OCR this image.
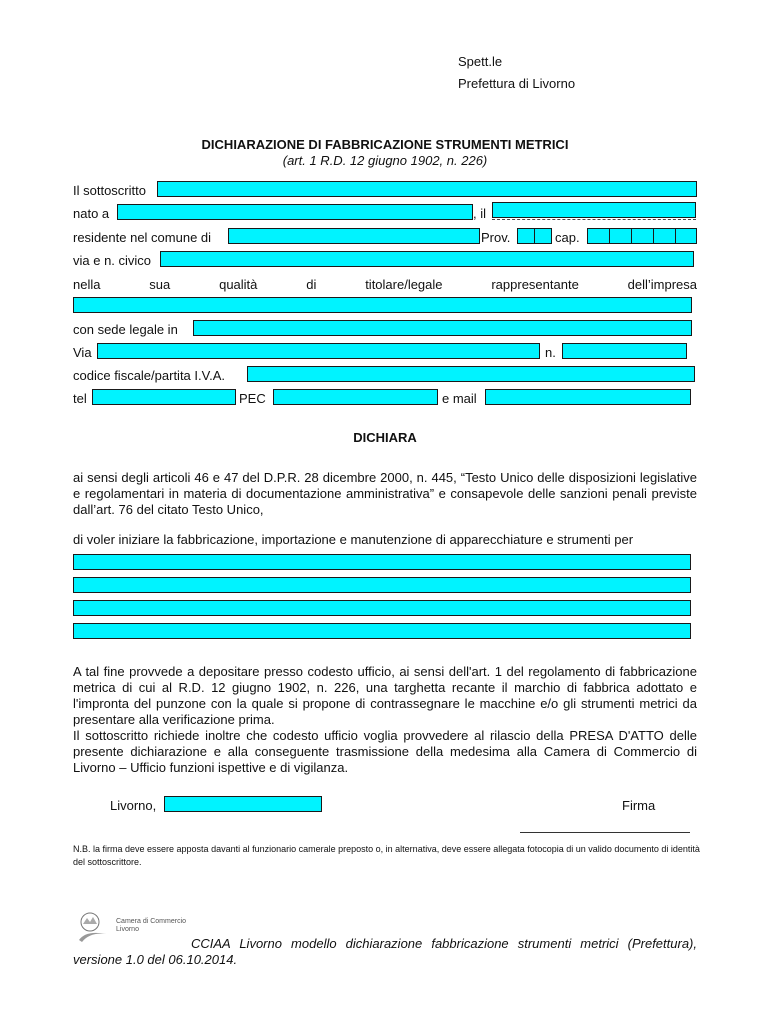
Spett.le
Prefettura di Livorno
DICHIARAZIONE DI FABBRICAZIONE STRUMENTI METRICI
(art. 1 R.D. 12 giugno 1902, n. 226)
Il sottoscritto
nato a	, il
residente nel comune di	Prov.	cap.
via e n. civico
nella	sua	qualità	di	titolare/legale	rappresentante	dell’impresa
con sede legale in
Via	n.
codice fiscale/partita I.V.A.
tel	PEC	e mail
DICHIARA
ai sensi degli articoli 46 e 47 del D.P.R. 28 dicembre 2000, n. 445, “Testo Unico delle disposizioni legislative e regolamentari in materia di documentazione amministrativa” e consapevole delle sanzioni penali previste dall’art. 76 del citato Testo Unico,
di voler iniziare la fabbricazione, importazione e manutenzione di apparecchiature e strumenti per
A tal fine provvede a depositare presso codesto ufficio, ai sensi dell'art. 1 del regolamento di fabbricazione metrica di cui al R.D. 12 giugno 1902, n. 226, una targhetta recante il marchio di fabbrica adottato e l'impronta del punzone con la quale si propone di contrassegnare le macchine e/o gli strumenti metrici da presentare alla verificazione prima.
Il sottoscritto richiede inoltre che codesto ufficio voglia provvedere al rilascio della PRESA D'ATTO delle presente dichiarazione e alla conseguente trasmissione della medesima alla Camera di Commercio di Livorno – Ufficio funzioni ispettive e di vigilanza.
Livorno,	Firma
N.B. la firma deve essere apposta davanti al funzionario camerale preposto o, in alternativa, deve essere allegata fotocopia di un valido documento di identità del sottoscrittore.
Camera di Commercio
Livorno
CCIAA Livorno modello dichiarazione fabbricazione strumenti metrici (Prefettura), versione 1.0 del 06.10.2014.
